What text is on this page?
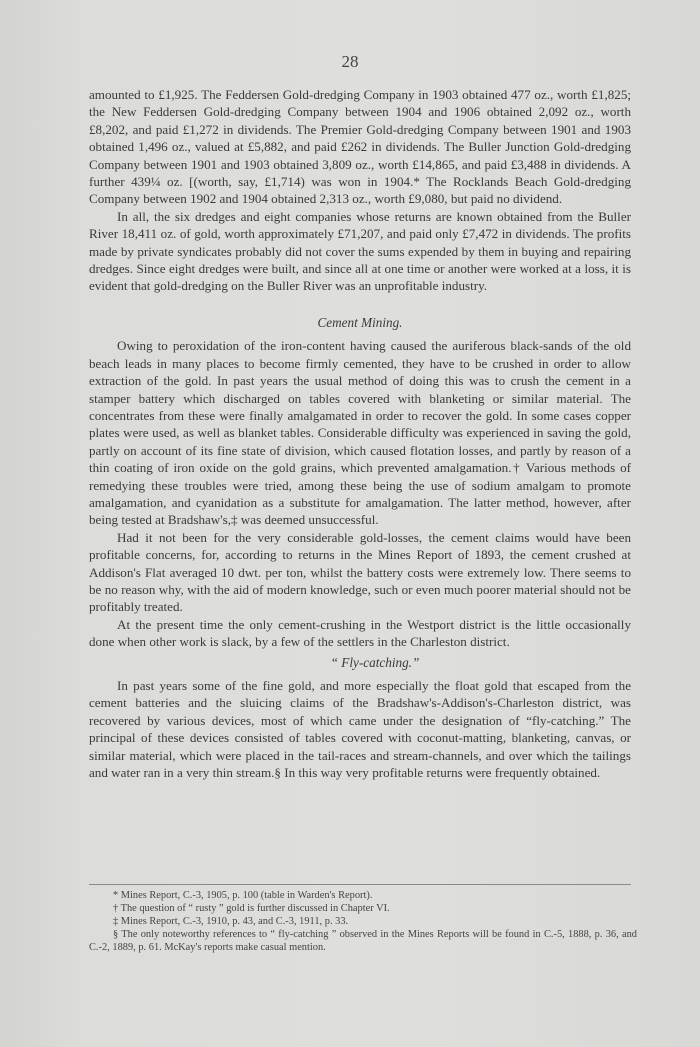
28

amounted to £1,925. The Feddersen Gold-dredging Company in 1903 obtained 477 oz., worth £1,825; the New Feddersen Gold-dredging Company between 1904 and 1906 obtained 2,092 oz., worth £8,202, and paid £1,272 in dividends. The Premier Gold-dredging Company between 1901 and 1903 obtained 1,496 oz., valued at £5,882, and paid £262 in dividends. The Buller Junction Gold-dredging Company between 1901 and 1903 obtained 3,809 oz., worth £14,865, and paid £3,488 in dividends. A further 439¼ oz. [(worth, say, £1,714) was won in 1904.* The Rocklands Beach Gold-dredging Company between 1902 and 1904 obtained 2,313 oz., worth £9,080, but paid no dividend.

In all, the six dredges and eight companies whose returns are known obtained from the Buller River 18,411 oz. of gold, worth approximately £71,207, and paid only £7,472 in dividends. The profits made by private syndicates probably did not cover the sums expended by them in buying and repairing dredges. Since eight dredges were built, and since all at one time or another were worked at a loss, it is evident that gold-dredging on the Buller River was an unprofitable industry.

Cement Mining.

Owing to peroxidation of the iron-content having caused the auriferous black-sands of the old beach leads in many places to become firmly cemented, they have to be crushed in order to allow extraction of the gold. In past years the usual method of doing this was to crush the cement in a stamper battery which discharged on tables covered with blanketing or similar material. The concentrates from these were finally amalgamated in order to recover the gold. In some cases copper plates were used, as well as blanket tables. Considerable difficulty was experienced in saving the gold, partly on account of its fine state of division, which caused flotation losses, and partly by reason of a thin coating of iron oxide on the gold grains, which prevented amalgamation.† Various methods of remedying these troubles were tried, among these being the use of sodium amalgam to promote amalgamation, and cyanidation as a substitute for amalgamation. The latter method, however, after being tested at Bradshaw's,‡ was deemed unsuccessful.

Had it not been for the very considerable gold-losses, the cement claims would have been profitable concerns, for, according to returns in the Mines Report of 1893, the cement crushed at Addison's Flat averaged 10 dwt. per ton, whilst the battery costs were extremely low. There seems to be no reason why, with the aid of modern knowledge, such or even much poorer material should not be profitably treated.

At the present time the only cement-crushing in the Westport district is the little occasionally done when other work is slack, by a few of the settlers in the Charleston district.

“ Fly-catching.”

In past years some of the fine gold, and more especially the float gold that escaped from the cement batteries and the sluicing claims of the Bradshaw's-Addison's-Charleston district, was recovered by various devices, most of which came under the designation of “fly-catching.” The principal of these devices consisted of tables covered with coconut-matting, blanketing, canvas, or similar material, which were placed in the tail-races and stream-channels, and over which the tailings and water ran in a very thin stream.§ In this way very profitable returns were frequently obtained.

* Mines Report, C.-3, 1905, p. 100 (table in Warden's Report).

† The question of “ rusty ” gold is further discussed in Chapter VI.

‡ Mines Report, C.-3, 1910, p. 43, and C.-3, 1911, p. 33.

§ The only noteworthy references to “ fly-catching ” observed in the Mines Reports will be found in C.-5, 1888, p. 36, and C.-2, 1889, p. 61. McKay's reports make casual mention.
